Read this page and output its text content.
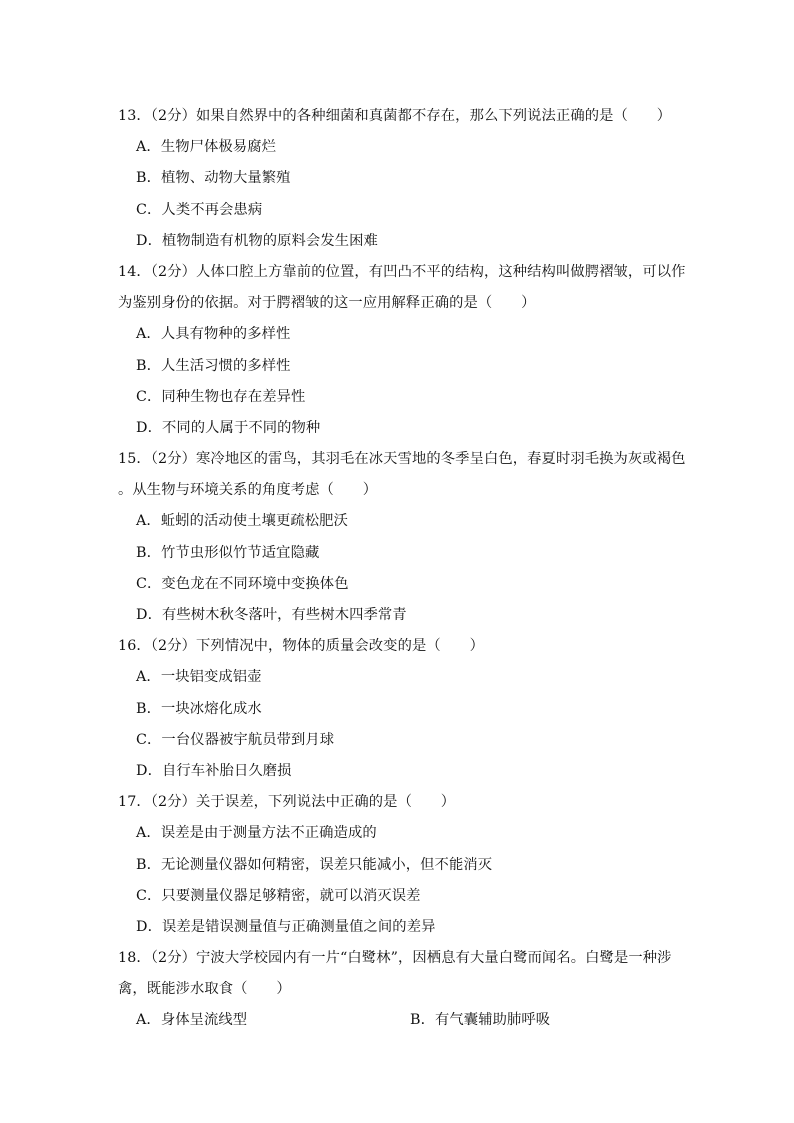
13．（2分）如果自然界中的各种细菌和真菌都不存在，那么下列说法正确的是（　　）
A．生物尸体极易腐烂
B．植物、动物大量繁殖
C．人类不再会患病
D．植物制造有机物的原料会发生困难
14．（2分）人体口腔上方靠前的位置，有凹凸不平的结构，这种结构叫做腭褶皱，可以作
为鉴别身份的依据。对于腭褶皱的这一应用解释正确的是（　　）
A．人具有物种的多样性
B．人生活习惯的多样性
C．同种生物也存在差异性
D．不同的人属于不同的物种
15．（2分）寒冷地区的雷鸟，其羽毛在冰天雪地的冬季呈白色，春夏时羽毛换为灰或褐色
。从生物与环境关系的角度考虑（　　）
A．蚯蚓的活动使土壤更疏松肥沃
B．竹节虫形似竹节适宜隐藏
C．变色龙在不同环境中变换体色
D．有些树木秋冬落叶，有些树木四季常青
16．（2分）下列情况中，物体的质量会改变的是（　　）
A．一块铝变成铝壶
B．一块冰熔化成水
C．一台仪器被宇航员带到月球
D．自行车补胎日久磨损
17．（2分）关于误差，下列说法中正确的是（　　）
A．误差是由于测量方法不正确造成的
B．无论测量仪器如何精密，误差只能减小，但不能消灭
C．只要测量仪器足够精密，就可以消灭误差
D．误差是错误测量值与正确测量值之间的差异
18．（2分）宁波大学校园内有一片“白鹭林”，因栖息有大量白鹭而闻名。白鹭是一种涉
禽，既能涉水取食（　　）
A．身体呈流线型	B．有气囊辅助肺呼吸
